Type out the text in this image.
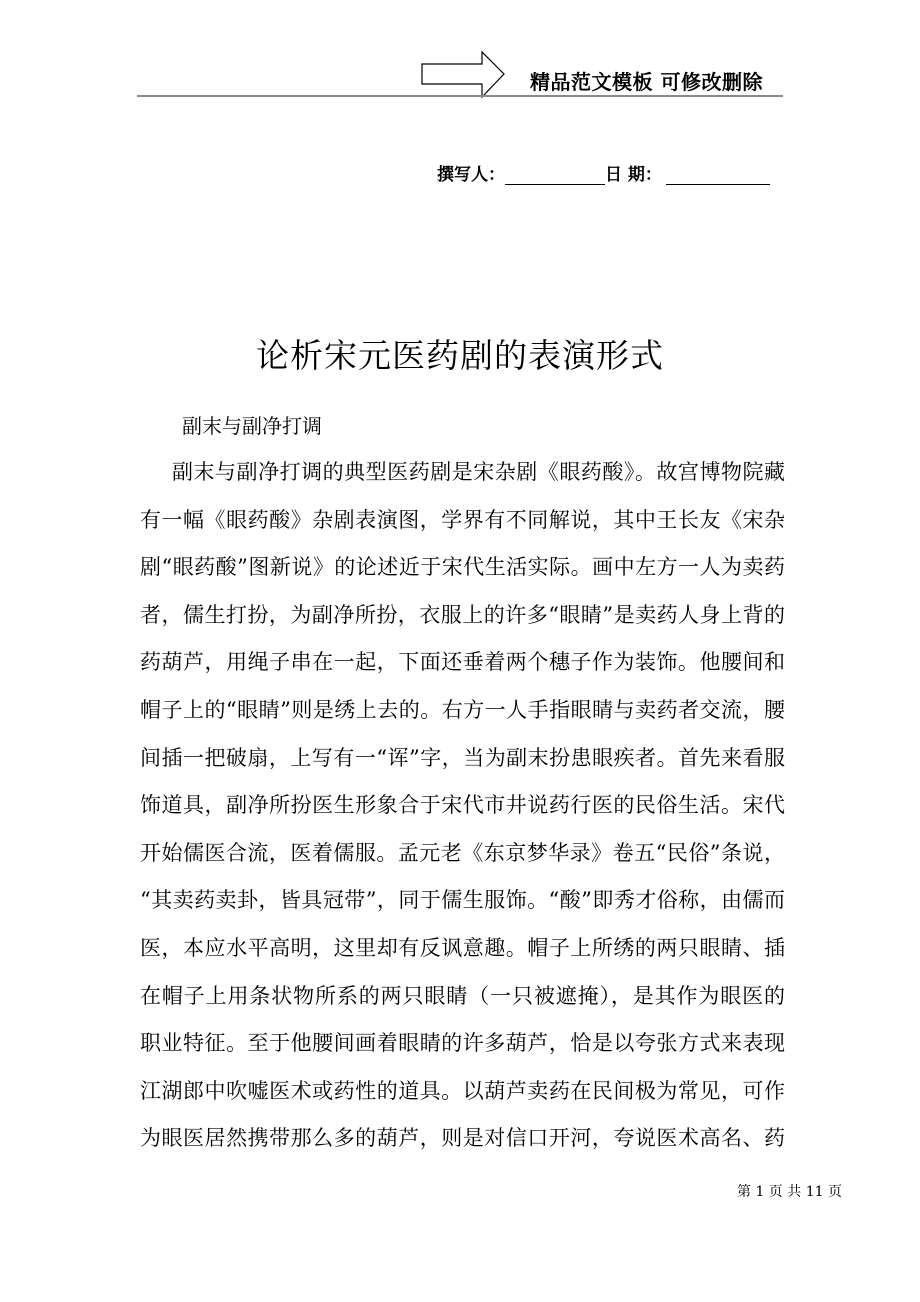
精品范文模板 可修改删除
撰写人：	日 期：
论析宋元医药剧的表演形式
副末与副净打调
副末与副净打调的典型医药剧是宋杂剧《眼药酸》。故宫博物院藏
有一幅《眼药酸》杂剧表演图，学界有不同解说，其中王长友《宋杂
剧“眼药酸”图新说》的论述近于宋代生活实际。画中左方一人为卖药
者，儒生打扮，为副净所扮，衣服上的许多“眼睛”是卖药人身上背的
药葫芦，用绳子串在一起，下面还垂着两个穗子作为装饰。他腰间和
帽子上的“眼睛”则是绣上去的。右方一人手指眼睛与卖药者交流，腰
间插一把破扇，上写有一“诨”字，当为副末扮患眼疾者。首先来看服
饰道具，副净所扮医生形象合于宋代市井说药行医的民俗生活。宋代
开始儒医合流，医着儒服。孟元老《东京梦华录》卷五“民俗”条说，
“其卖药卖卦，皆具冠带”，同于儒生服饰。“酸”即秀才俗称，由儒而
医，本应水平高明，这里却有反讽意趣。帽子上所绣的两只眼睛、插
在帽子上用条状物所系的两只眼睛（一只被遮掩），是其作为眼医的
职业特征。至于他腰间画着眼睛的许多葫芦，恰是以夸张方式来表现
江湖郎中吹嘘医术或药性的道具。以葫芦卖药在民间极为常见，可作
为眼医居然携带那么多的葫芦，则是对信口开河，夸说医术高名、药
第 1 页 共 11 页
